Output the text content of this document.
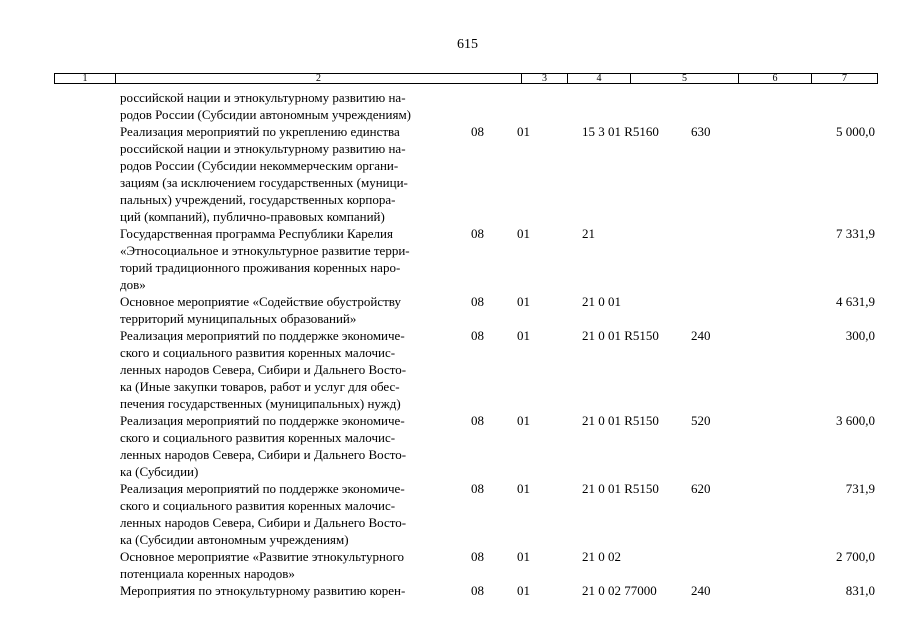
615
1	2	3	4	5	6	7
российской нации и этнокультурному развитию на-
родов России (Субсидии автономным учреждениям)
Реализация мероприятий по укреплению единства
российской нации и этнокультурному развитию на-
родов России (Субсидии некоммерческим органи-
зациям (за исключением государственных (муници-
пальных) учреждений, государственных корпора-
ций (компаний), публично-правовых компаний)
08	01	15 3 01 R5160 630	5 000,0
Государственная программа Республики Карелия
«Этносоциальное и этнокультурное развитие терри-
торий традиционного проживания коренных наро-
дов»
08	01	21	7 331,9
Основное мероприятие «Содействие обустройству
территорий муниципальных образований»
08	01	21 0 01	4 631,9
Реализация мероприятий по поддержке экономиче-
ского и социального развития коренных малочис-
ленных народов Севера, Сибири и Дальнего Восто-
ка (Иные закупки товаров, работ и услуг для обес-
печения государственных (муниципальных) нужд)
08	01	21 0 01 R5150 240	300,0
Реализация мероприятий по поддержке экономиче-
ского и социального развития коренных малочис-
ленных народов Севера, Сибири и Дальнего Восто-
ка (Субсидии)
08	01	21 0 01 R5150 520	3 600,0
Реализация мероприятий по поддержке экономиче-
ского и социального развития коренных малочис-
ленных народов Севера, Сибири и Дальнего Восто-
ка (Субсидии автономным учреждениям)
08	01	21 0 01 R5150 620	731,9
Основное мероприятие «Развитие этнокультурного
потенциала коренных народов»
08	01	21 0 02	2 700,0
Мероприятия по этнокультурному развитию корен-	08	01	21 0 02 77000	240	831,0
